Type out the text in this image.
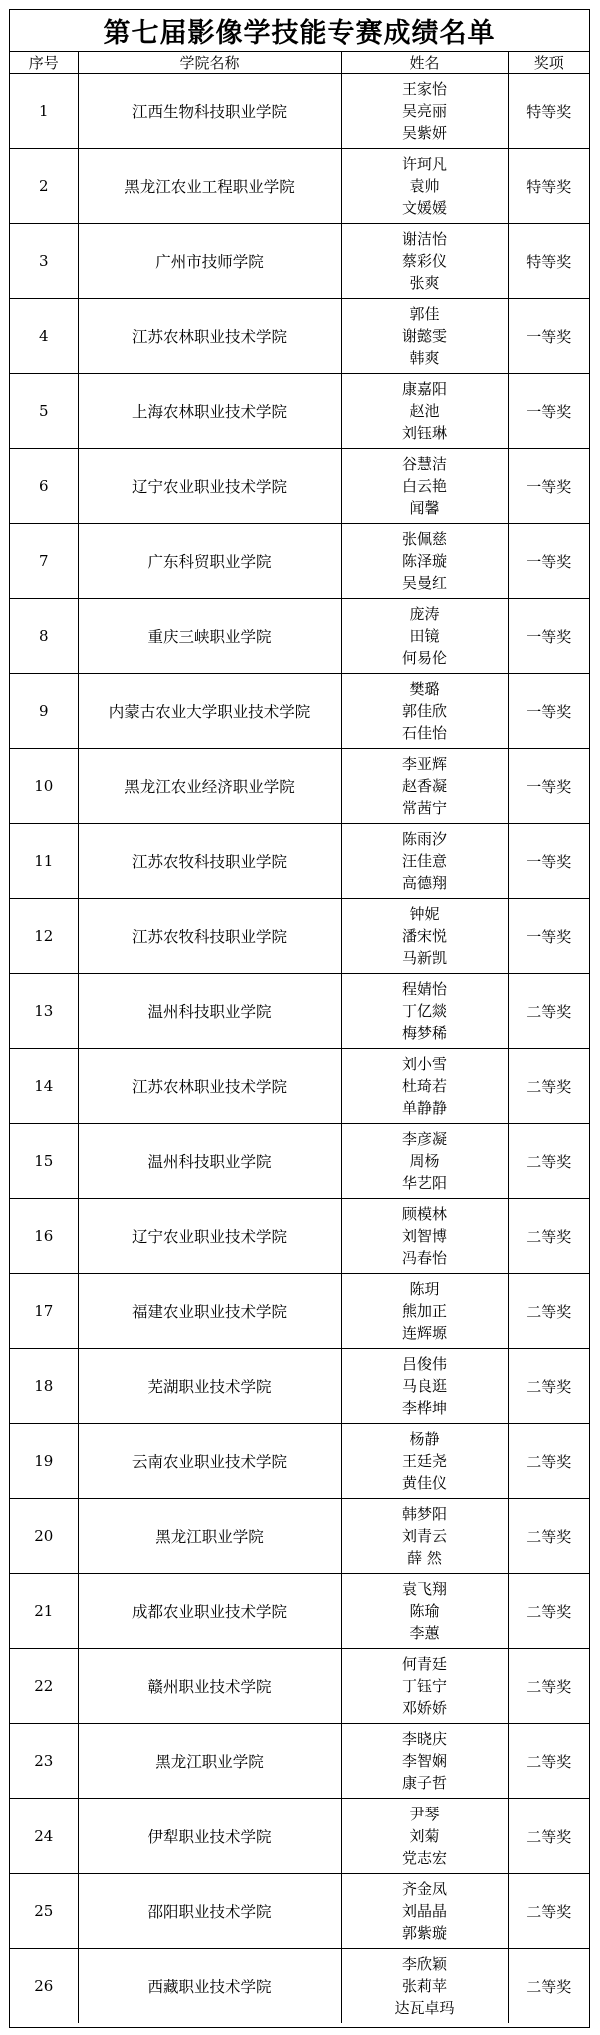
第七届影像学技能专赛成绩名单
序号	学院名称	姓名	奖项
1	江西生物科技职业学院	王家怡
吴亮丽
吴紫妍	特等奖
2	黑龙江农业工程职业学院	许珂凡
袁帅
文媛媛	特等奖
3	广州市技师学院	谢洁怡
蔡彩仪
张爽	特等奖
4	江苏农林职业技术学院	郭佳
谢懿雯
韩爽	一等奖
5	上海农林职业技术学院	康嘉阳
赵池
刘钰琳	一等奖
6	辽宁农业职业技术学院	谷慧洁
白云艳
闻馨	一等奖
7	广东科贸职业学院	张佩慈
陈泽璇
吴曼红	一等奖
8	重庆三峡职业学院	庞涛
田镜
何易伦	一等奖
9	内蒙古农业大学职业技术学院	樊璐
郭佳欣
石佳怡	一等奖
10	黑龙江农业经济职业学院	李亚辉
赵香凝
常茜宁	一等奖
11	江苏农牧科技职业学院	陈雨汐
汪佳意
高德翔	一等奖
12	江苏农牧科技职业学院	钟妮
潘宋悦
马新凯	一等奖
13	温州科技职业学院	程婧怡
丁亿燚
梅梦稀	二等奖
14	江苏农林职业技术学院	刘小雪
杜琦若
单静静	二等奖
15	温州科技职业学院	李彦凝
周杨
华艺阳	二等奖
16	辽宁农业职业技术学院	顾模林
刘智博
冯春怡	二等奖
17	福建农业职业技术学院	陈玥
熊加正
连辉塬	二等奖
18	芜湖职业技术学院	吕俊伟
马良逛
李桦坤	二等奖
19	云南农业职业技术学院	杨静
王廷尧
黄佳仪	二等奖
20	黑龙江职业学院	韩梦阳
刘青云
薛 然	二等奖
21	成都农业职业技术学院	袁飞翔
陈瑜
李蕙	二等奖
22	赣州职业技术学院	何青廷
丁钰宁
邓娇娇	二等奖
23	黑龙江职业学院	李晓庆
李智娴
康子哲	二等奖
24	伊犁职业技术学院	尹琴
刘菊
党志宏	二等奖
25	邵阳职业技术学院	齐金凤
刘晶晶
郭紫璇	二等奖
26	西藏职业技术学院	李欣颖
张莉苹
达瓦卓玛	二等奖
